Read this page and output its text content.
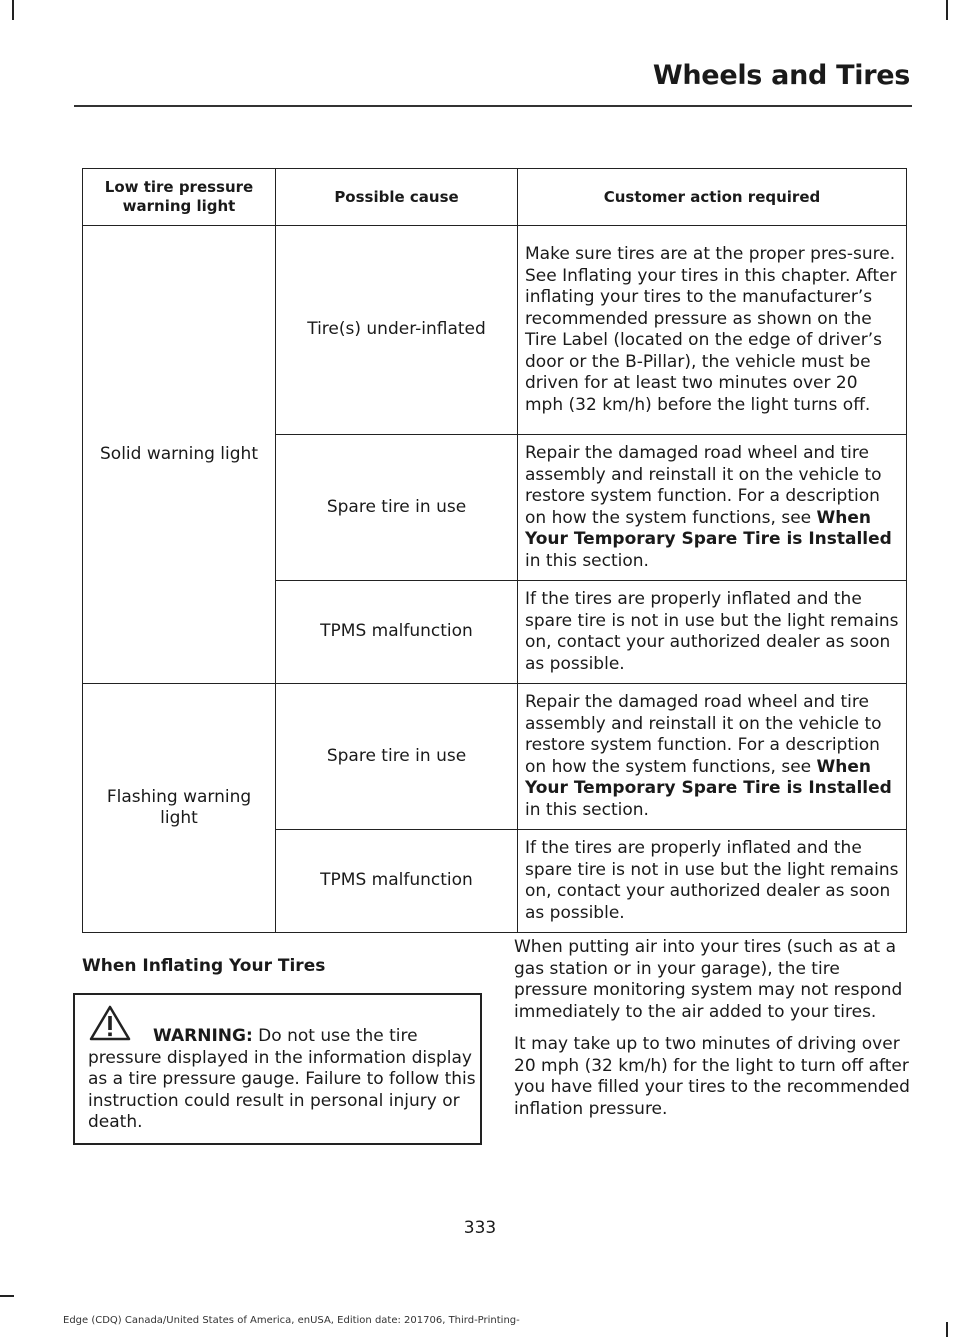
Wheels and Tires
Low tire pressure warning light	Possible cause	Customer action required
Solid warning light	Tire(s) under-inflated	Make sure tires are at the proper pres-sure. See Inflating your tires in this chapter. After inflating your tires to the manufacturer’s recommended pressure as shown on the Tire Label (located on the edge of driver’s door or the B-Pillar), the vehicle must be driven for at least two minutes over 20 mph (32 km/h) before the light turns off.
	Spare tire in use	Repair the damaged road wheel and tire assembly and reinstall it on the vehicle to restore system function. For a description on how the system functions, see When Your Temporary Spare Tire is Installed in this section.
	TPMS malfunction	If the tires are properly inflated and the spare tire is not in use but the light remains on, contact your authorized dealer as soon as possible.
Flashing warning light	Spare tire in use	Repair the damaged road wheel and tire assembly and reinstall it on the vehicle to restore system function. For a description on how the system functions, see When Your Temporary Spare Tire is Installed in this section.
	TPMS malfunction	If the tires are properly inflated and the spare tire is not in use but the light remains on, contact your authorized dealer as soon as possible.
When Inflating Your Tires
WARNING: Do not use the tire pressure displayed in the information display as a tire pressure gauge. Failure to follow this instruction could result in personal injury or death.

When putting air into your tires (such as at a gas station or in your garage), the tire pressure monitoring system may not respond immediately to the air added to your tires.

It may take up to two minutes of driving over 20 mph (32 km/h) for the light to turn off after you have filled your tires to the recommended inflation pressure.

333
Edge (CDQ) Canada/United States of America, enUSA, Edition date: 201706, Third-Printing-
